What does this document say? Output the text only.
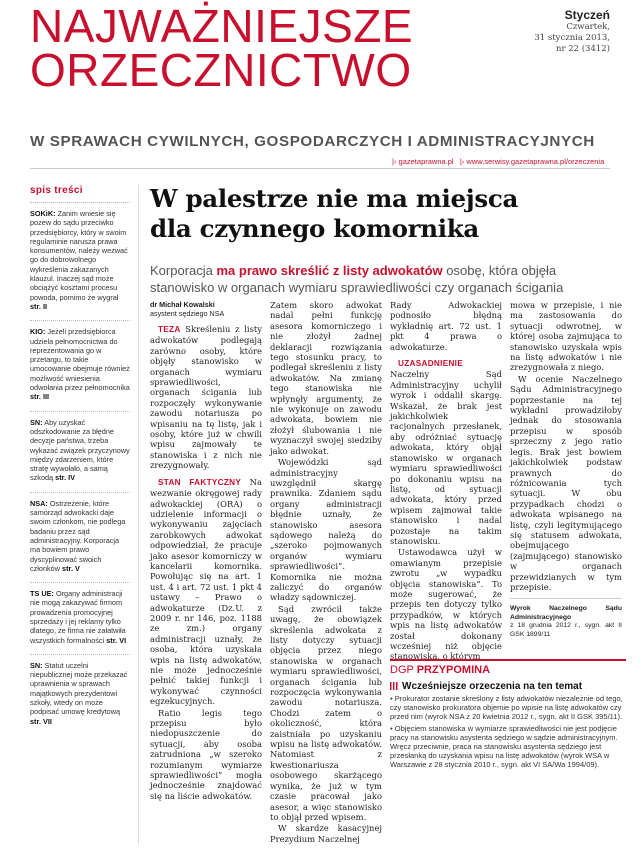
NAJWAŻNIEJSZE
ORZECZNICTWO
Styczeń
Czwartek,
31 stycznia 2013,
nr 22 (3412)
W SPRAWACH CYWILNYCH, GOSPODARCZYCH I ADMINISTRACYJNYCH
|› gazetaprawna.pl |› www.serwisy.gazetaprawna.pl/orzeczenia
spis treści
SOKiK: Zanim wniesie się pozew do sądu przeciwko przedsiębiorcy, który w swoim regulaminie narusza prawa konsumentów, należy wezwać go do dobrowolnego wykreślenia zakazanych klauzul. Inaczej sąd może obciążyć kosztami procesu powoda, pomimo że wygrał str. II
KIO: Jeżeli przedsiębiorca udziela pełnomocnictwa do reprezentowania go w przetargu, to takie umocowanie obejmuje również możliwość wniesienia odwołania przez pełnomocnika str. III
SN: Aby uzyskać odszkodowanie za błędne decyzje państwa, trzeba wykazać związek przyczynowy między zdarzeniem, które stratę wywołało, a samą szkodą str. IV
NSA: Ostrzeżenie, które samorząd adwokacki daje swoim członkom, nie podlega badaniu przez sąd administracyjny. Korporacja ma bowiem prawo dyscyplinować swoich członków str. V
TS UE: Organy administracji nie mogą zakazywać firmom prowadzenia promocyjnej sprzedaży i jej reklamy tylko dlatego, że firma nie załatwiła wszystkich formalności str. VI
SN: Statut uczelni niepublicznej może przekazać uprawnienia w sprawach majątkowych prezydentowi szkoły, wtedy on może podpisać umowę kredytową str. VII
W palestrze nie ma miejsca
dla czynnego komornika
Korporacja ma prawo skreślić z listy adwokatów osobę, która objęła stanowisko w organach wymiaru sprawiedliwości czy organach ścigania
dr Michał Kowalski
asystent sędziego NSA

TEZA Skreśleniu z listy adwokatów podlegają zarówno osoby, które objęły stanowisko w organach wymiaru sprawiedliwości, organach ścigania lub rozpoczęły wykonywanie zawodu notariusza po wpisaniu na tę listę, jak i osoby, które już w chwili wpisu zajmowały te stanowiska i z nich nie zrezygnowały.

STAN FAKTYCZNY Na wezwanie okręgowej rady adwokackiej (ORA) o udzielenie informacji o wykonywaniu zajęciach zarobkowych adwokat odpowiedział, że pracuje jako asesor komorniczy w kancelarii komornika. Powołując się na art. 1 ust. 4 i art. 72 ust. 1 pkt 4 ustawy – Prawo o adwokaturze (Dz.U. z 2009 r. nr 146, poz. 1188 ze zm.) organy administracji uznały, że osoba, która uzyskała wpis na listę adwokatów, nie może jednocześnie pełnić takiej funkcji i wykonywać czynności egzekucyjnych.

Ratio legis tego przepisu było niedopuszczenie do sytuacji, aby osoba zatrudniona „w szeroko rozumianym wymiarze sprawiedliwości” mogła jednocześnie znajdować się na liście adwokatów.

Zatem skoro adwokat nadal pełni funkcję asesora komorniczego i nie złożył żadnej deklaracji rozwiązania tego stosunku pracy, to podlegał skreśleniu z listy adwokatów. Na zmianę tego stanowiska nie wpłynęły argumenty, że nie wykonuje on zawodu adwokata, bowiem nie złożył ślubowania i nie wyznaczył swojej siedziby jako adwokat.

Wojewódzki sąd administracyjny uwzględnił skargę prawnika. Zdaniem sądu organy administracji błędnie uznały, że stanowisko asesora sądowego należą do „szeroko pojmowanych organów wymiaru sprawiedliwości”. Komornika nie można zaliczyć do organów władzy sądowniczej.

Sąd zwrócił także uwagę, że obowiązek skreślenia adwokata z listy dotyczy sytuacji objęcia przez niego stanowiska w organach wymiaru sprawiedliwości, organach ścigania lub rozpoczęcia wykonywania zawodu notariusza. Chodzi zatem o okoliczność, która zaistniała po uzyskaniu wpisu na listę adwokatów. Natomiast z kwestionariusza osobowego skarżącego wynika, że już w tym czasie pracował jako asesor, a więc stanowisko to objął przed wpisem.

W skardze kasacyjnej Prezydium Naczelnej

Rady Adwokackiej podnosiło błędną wykładnię art. 72 ust. 1 pkt 4 prawa o adwokaturze.

UZASADNIENIE Naczelny Sąd Administracyjny uchylił wyrok i oddalił skargę. Wskazał, że brak jest jakichkolwiek racjonalnych przesłanek, aby odróżniać sytuację adwokata, który objął stanowisko w organach wymiaru sprawiedliwości po dokonaniu wpisu na listę, od sytuacji adwokata, który przed wpisem zajmował takie stanowisko i nadal pozostaje na takim stanowisku.

Ustawodawca użył w omawianym przepisie zwrotu „w wypadku objęcia stanowiska”. To może sugerować, że przepis ten dotyczy tylko przypadków, w których wpis na listę adwokatów został dokonany wcześniej niż objęcie stanowiska, o którym

mowa w przepisie, i nie ma zastosowania do sytuacji odwrotnej, w której osoba zajmująca to stanowisko uzyskała wpis na listę adwokatów i nie zrezygnowała z niego.

W ocenie Naczelnego Sądu Administracyjnego poprzestanie na tej wykładni prowadziłoby jednak do stosowania przepisu w sposób sprzeczny z jego ratio legis. Brak jest bowiem jakichkolwiek podstaw prawnych do różnicowania tych sytuacji. W obu przypadkach chodzi o adwokata wpisanego na listę, czyli legitymującego się statusem adwokata, obejmującego (zajmującego) stanowisko w organach przewidzianych w tym przepisie.

Wyrok Naczelnego Sądu Administracyjnego
z 18 grudnia 2012 r., sygn. akt II GSK 1899/11
DGP PRZYPOMINA
Wcześniejsze orzeczenia na ten temat

▪ Prokurator zostanie skreślony z listy adwokatów niezależnie od tego, czy stanowisko prokuratora objemie po wpisie na listę adwokatów czy przed nim (wyrok NSA z 20 kwietnia 2012 r., sygn. akt II GSK 395/11).

▪ Objęciem stanowiska w wymiarze sprawiedliwości nie jest podjęcie pracy na stanowisku asystenta sędziego w sądzie administracyjnym. Wręcz przeciwnie, praca na stanowisku asystenta sędziego jest przesłanką do uzyskania wpisu na listę adwokatów (wyrok WSA w Warszawie z 28 stycznia 2010 r., sygn. akt VI SA/Wa 1994/09).
